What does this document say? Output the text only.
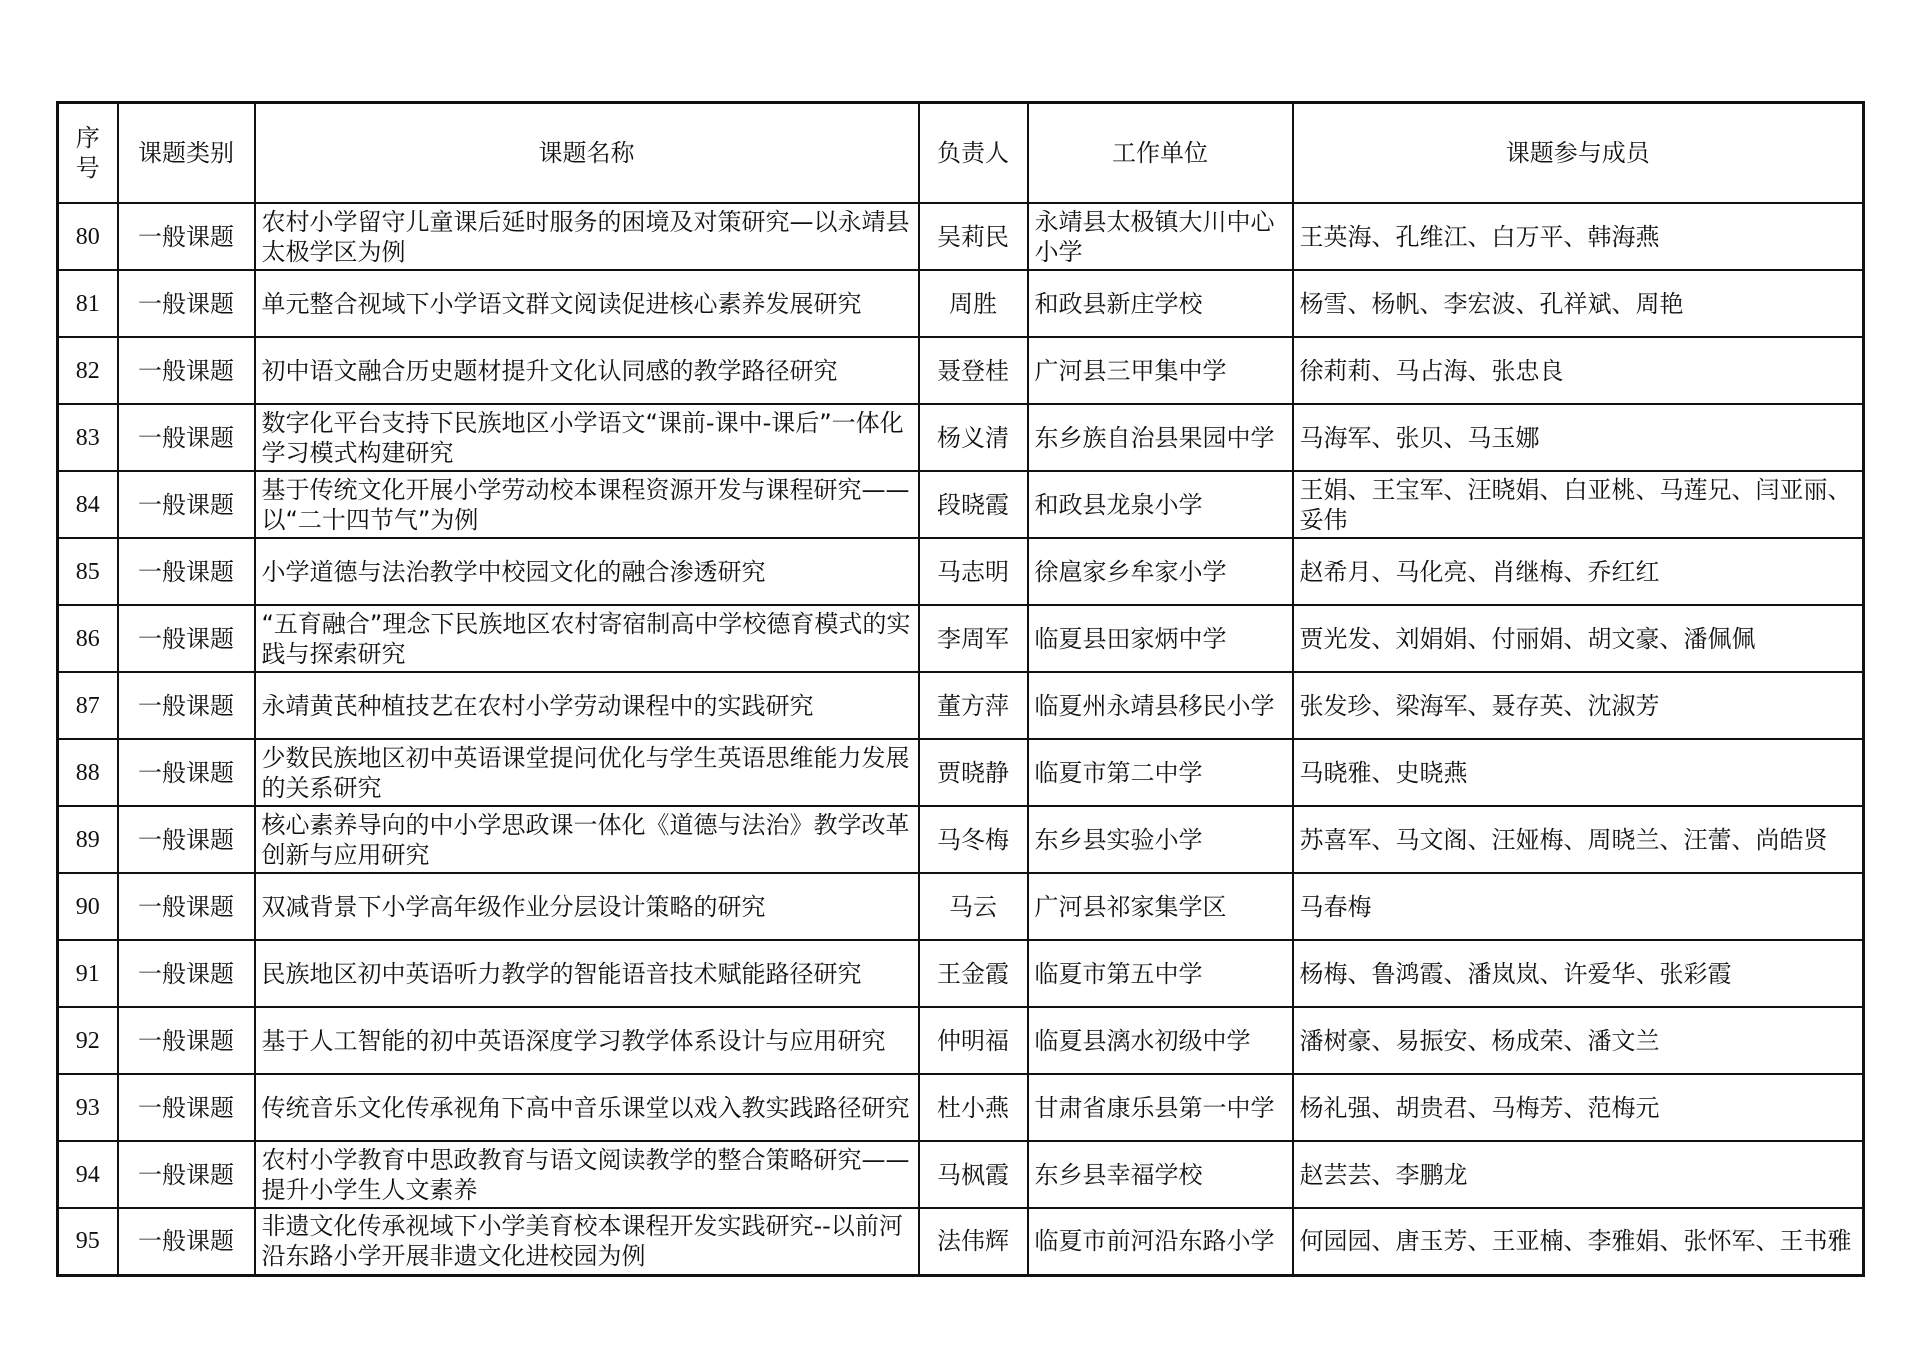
序号	课题类别	课题名称	负责人	工作单位	课题参与成员
80	一般课题	农村小学留守儿童课后延时服务的困境及对策研究—以永靖县太极学区为例	吴莉民	永靖县太极镇大川中心小学	王英海、孔维江、白万平、韩海燕
81	一般课题	单元整合视域下小学语文群文阅读促进核心素养发展研究	周胜	和政县新庄学校	杨雪、杨帆、李宏波、孔祥斌、周艳
82	一般课题	初中语文融合历史题材提升文化认同感的教学路径研究	聂登桂	广河县三甲集中学	徐莉莉、马占海、张忠良
83	一般课题	数字化平台支持下民族地区小学语文“课前-课中-课后”一体化学习模式构建研究	杨义清	东乡族自治县果园中学	马海军、张贝、马玉娜
84	一般课题	基于传统文化开展小学劳动校本课程资源开发与课程研究——以“二十四节气”为例	段晓霞	和政县龙泉小学	王娟、王宝军、汪晓娟、白亚桃、马莲兄、闫亚丽、妥伟
85	一般课题	小学道德与法治教学中校园文化的融合渗透研究	马志明	徐扈家乡牟家小学	赵希月、马化亮、肖继梅、乔红红
86	一般课题	“五育融合”理念下民族地区农村寄宿制高中学校德育模式的实践与探索研究	李周军	临夏县田家炳中学	贾光发、刘娟娟、付丽娟、胡文豪、潘佩佩
87	一般课题	永靖黄芪种植技艺在农村小学劳动课程中的实践研究	董方萍	临夏州永靖县移民小学	张发珍、梁海军、聂存英、沈淑芳
88	一般课题	少数民族地区初中英语课堂提问优化与学生英语思维能力发展的关系研究	贾晓静	临夏市第二中学	马晓雅、史晓燕
89	一般课题	核心素养导向的中小学思政课一体化《道德与法治》教学改革创新与应用研究	马冬梅	东乡县实验小学	苏喜军、马文阁、汪娅梅、周晓兰、汪蕾、尚皓贤
90	一般课题	双减背景下小学高年级作业分层设计策略的研究	马云	广河县祁家集学区	马春梅
91	一般课题	民族地区初中英语听力教学的智能语音技术赋能路径研究	王金霞	临夏市第五中学	杨梅、鲁鸿霞、潘岚岚、许爱华、张彩霞
92	一般课题	基于人工智能的初中英语深度学习教学体系设计与应用研究	仲明福	临夏县漓水初级中学	潘树豪、易振安、杨成荣、潘文兰
93	一般课题	传统音乐文化传承视角下高中音乐课堂以戏入教实践路径研究	杜小燕	甘肃省康乐县第一中学	杨礼强、胡贵君、马梅芳、范梅元
94	一般课题	农村小学教育中思政教育与语文阅读教学的整合策略研究——提升小学生人文素养	马枫霞	东乡县幸福学校	赵芸芸、李鹏龙
95	一般课题	非遗文化传承视域下小学美育校本课程开发实践研究--以前河沿东路小学开展非遗文化进校园为例	法伟辉	临夏市前河沿东路小学	何园园、唐玉芳、王亚楠、李雅娟、张怀军、王书雅
